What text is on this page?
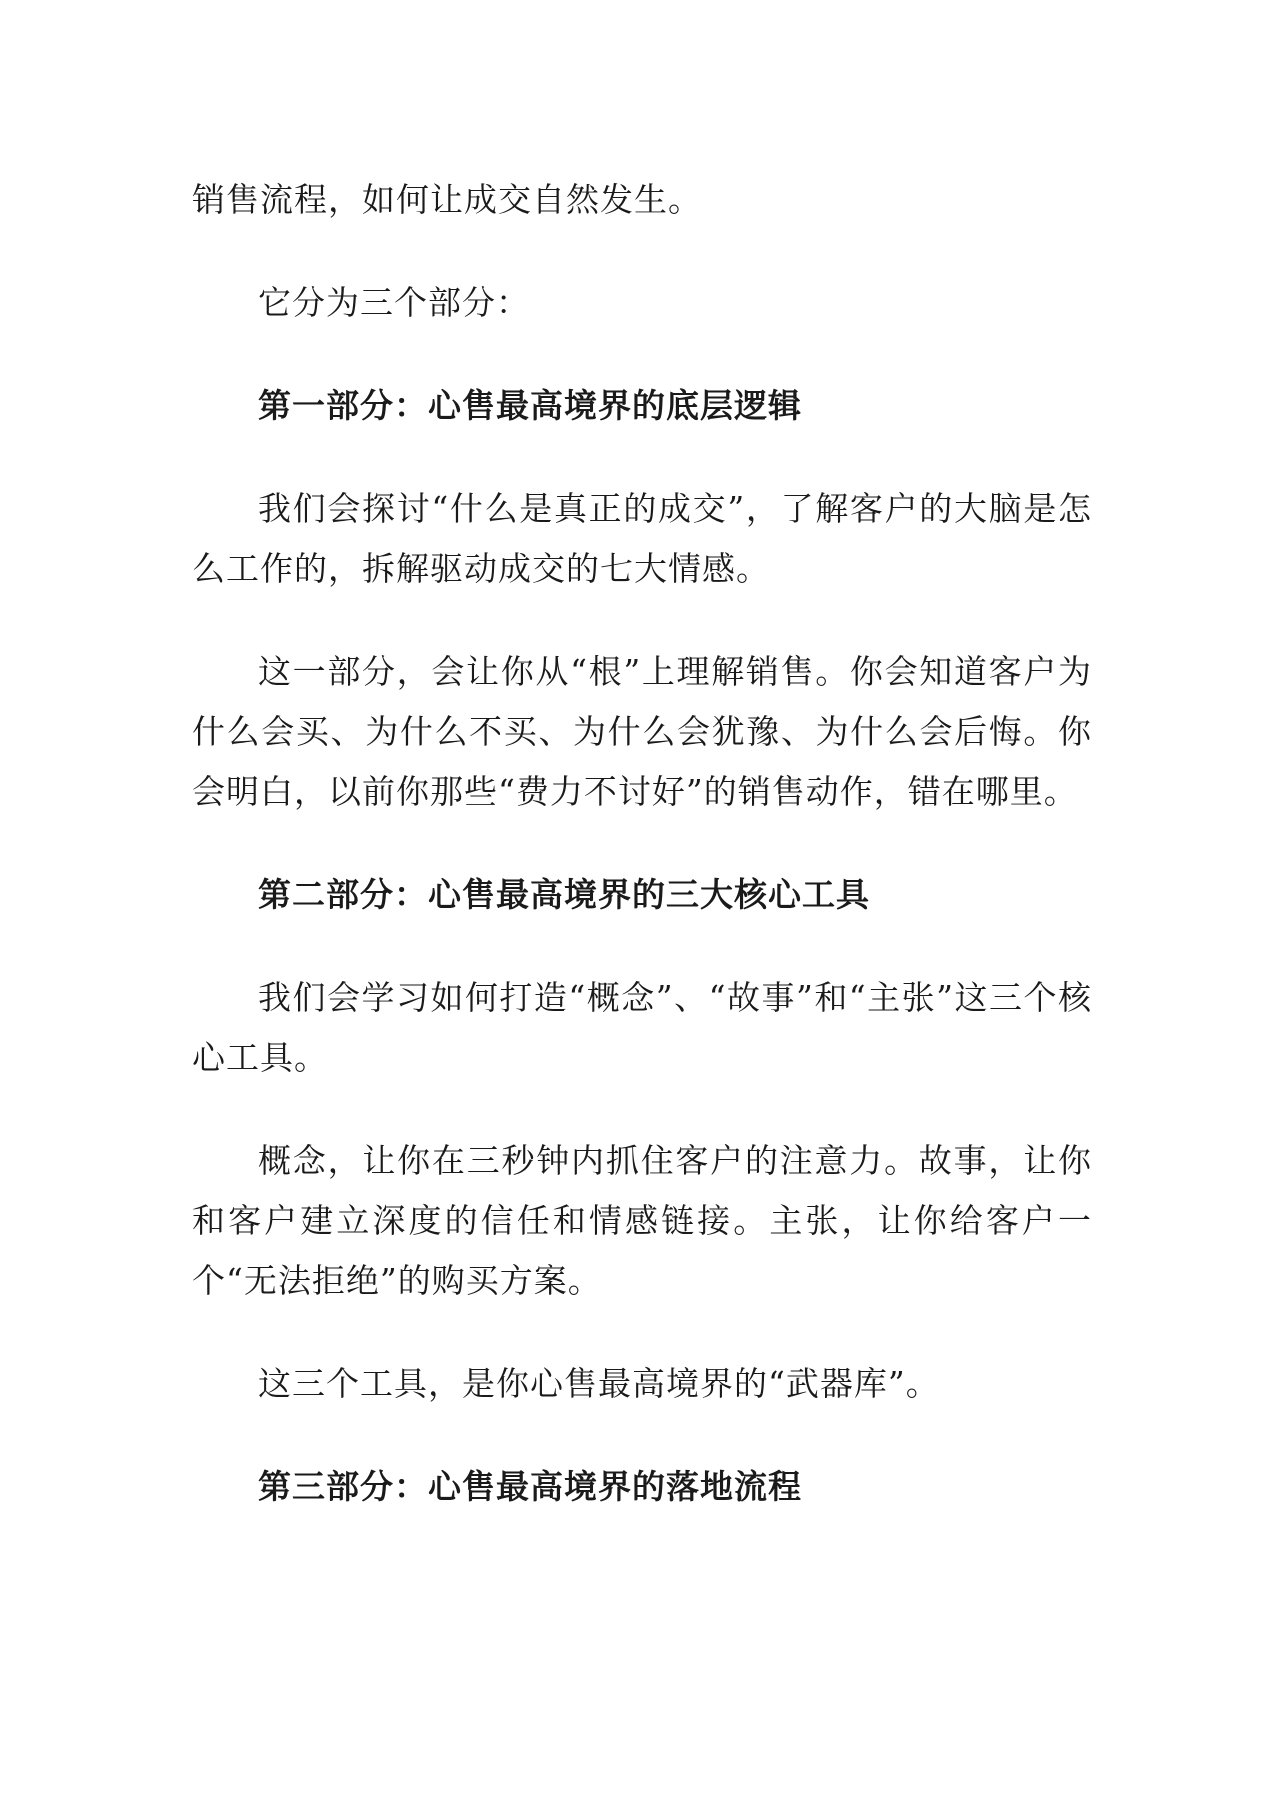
销售流程，如何让成交自然发生。

它分为三个部分：

第一部分：心售最高境界的底层逻辑

我们会探讨“什么是真正的成交”，了解客户的大脑是怎么工作的，拆解驱动成交的七大情感。

这一部分，会让你从“根”上理解销售。你会知道客户为什么会买、为什么不买、为什么会犹豫、为什么会后悔。你会明白，以前你那些“费力不讨好”的销售动作，错在哪里。

第二部分：心售最高境界的三大核心工具

我们会学习如何打造“概念”、“故事”和“主张”这三个核心工具。

概念，让你在三秒钟内抓住客户的注意力。故事，让你和客户建立深度的信任和情感链接。主张，让你给客户一个“无法拒绝”的购买方案。

这三个工具，是你心售最高境界的“武器库”。

第三部分：心售最高境界的落地流程
